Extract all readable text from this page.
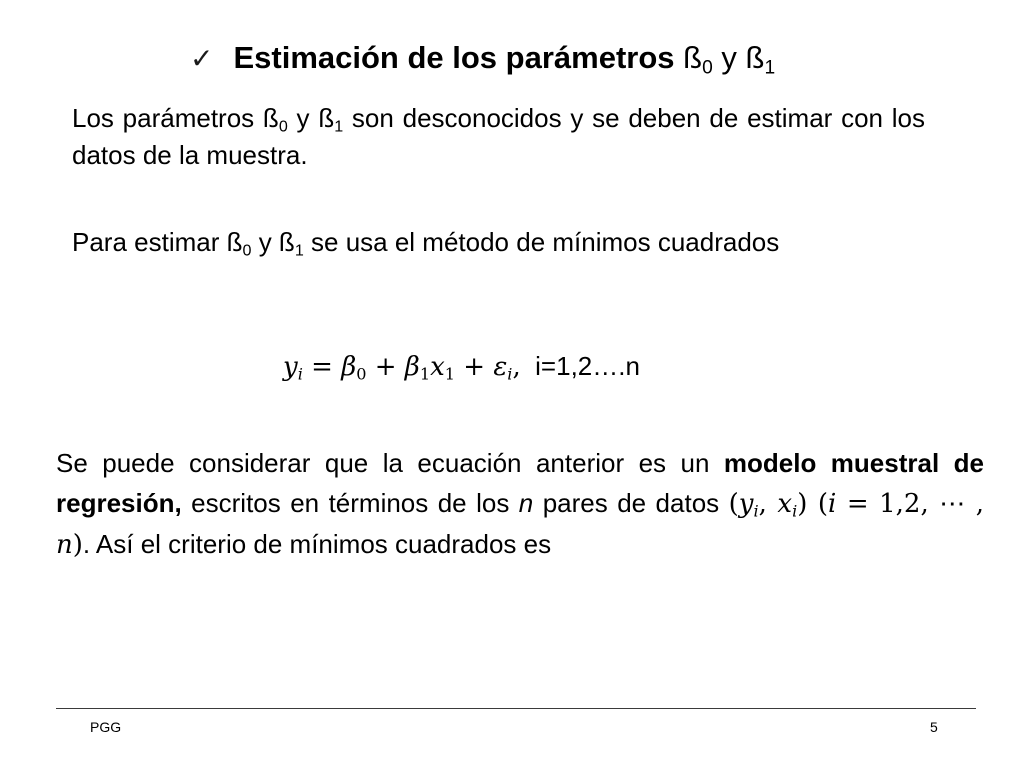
✓ Estimación de los parámetros $ß_0$ y $ß_1$
Los parámetros $ß_0$ y $ß_1$ son desconocidos y se deben de estimar con los datos de la muestra.
Para estimar $ß_0$ y $ß_1$ se usa el método de mínimos cuadrados
$y_i = \beta_0 + \beta_1x_1 + \varepsilon_i$, i=1,2….n
Se puede considerar que la ecuación anterior es un modelo muestral de regresión, escritos en términos de los n pares de datos ($y_i$, $x_i$) (i = 1,2, ⋯ , n). Así el criterio de mínimos cuadrados es
PGG	5
